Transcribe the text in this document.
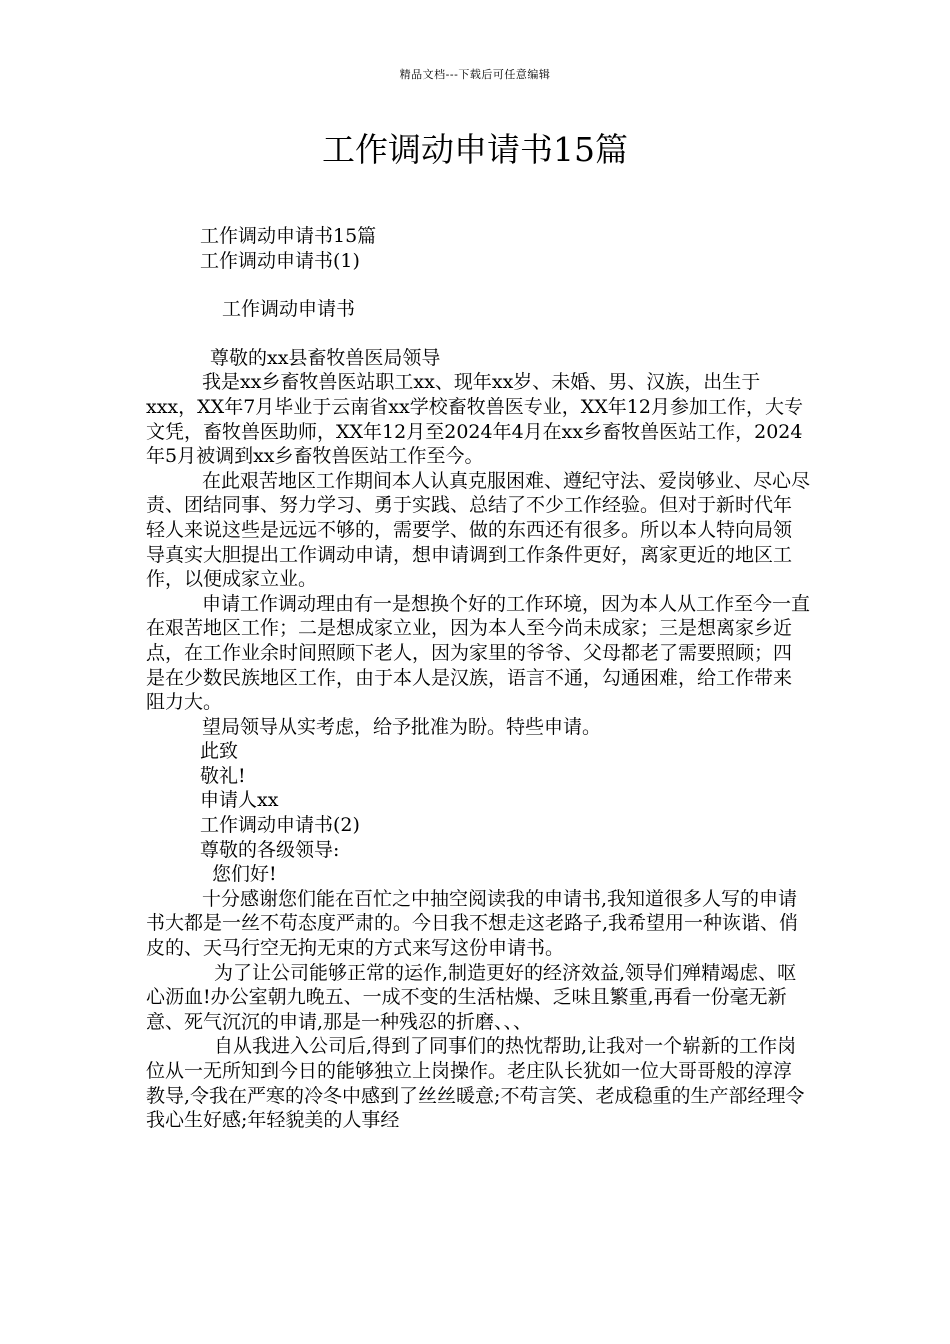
精品文档---下载后可任意编辑
工作调动申请书15篇

工作调动申请书15篇

工作调动申请书(1)

工作调动申请书

尊敬的xx县畜牧兽医局领导

我是xx乡畜牧兽医站职工xx、现年xx岁、未婚、男、汉族，出生于xxx，XX年7月毕业于云南省xx学校畜牧兽医专业，XX年12月参加工作，大专文凭，畜牧兽医助师，XX年12月至2024年4月在xx乡畜牧兽医站工作，2024年5月被调到xx乡畜牧兽医站工作至今。

在此艰苦地区工作期间本人认真克服困难、遵纪守法、爱岗够业、尽心尽责、团结同事、努力学习、勇于实践、总结了不少工作经验。但对于新时代年轻人来说这些是远远不够的，需要学、做的东西还有很多。所以本人特向局领导真实大胆提出工作调动申请，想申请调到工作条件更好，离家更近的地区工作，以便成家立业。

申请工作调动理由有一是想换个好的工作环境，因为本人从工作至今一直在艰苦地区工作；二是想成家立业，因为本人至今尚未成家；三是想离家乡近点，在工作业余时间照顾下老人，因为家里的爷爷、父母都老了需要照顾；四是在少数民族地区工作，由于本人是汉族，语言不通，勾通困难，给工作带来阻力大。

望局领导从实考虑，给予批准为盼。特些申请。

此致

敬礼!

申请人xx

工作调动申请书(2)

尊敬的各级领导:

您们好!

十分感谢您们能在百忙之中抽空阅读我的申请书,我知道很多人写的申请书大都是一丝不苟态度严肃的。今日我不想走这老路子,我希望用一种诙谐、俏皮的、天马行空无拘无束的方式来写这份申请书。

为了让公司能够正常的运作,制造更好的经济效益,领导们殚精竭虑、呕心沥血!办公室朝九晚五、一成不变的生活枯燥、乏味且繁重,再看一份毫无新意、死气沉沉的申请,那是一种残忍的折磨、、、

自从我进入公司后,得到了同事们的热忱帮助,让我对一个崭新的工作岗位从一无所知到今日的能够独立上岗操作。老庄队长犹如一位大哥哥般的淳淳教导,令我在严寒的冷冬中感到了丝丝暖意;不苟言笑、老成稳重的生产部经理令我心生好感;年轻貌美的人事经
